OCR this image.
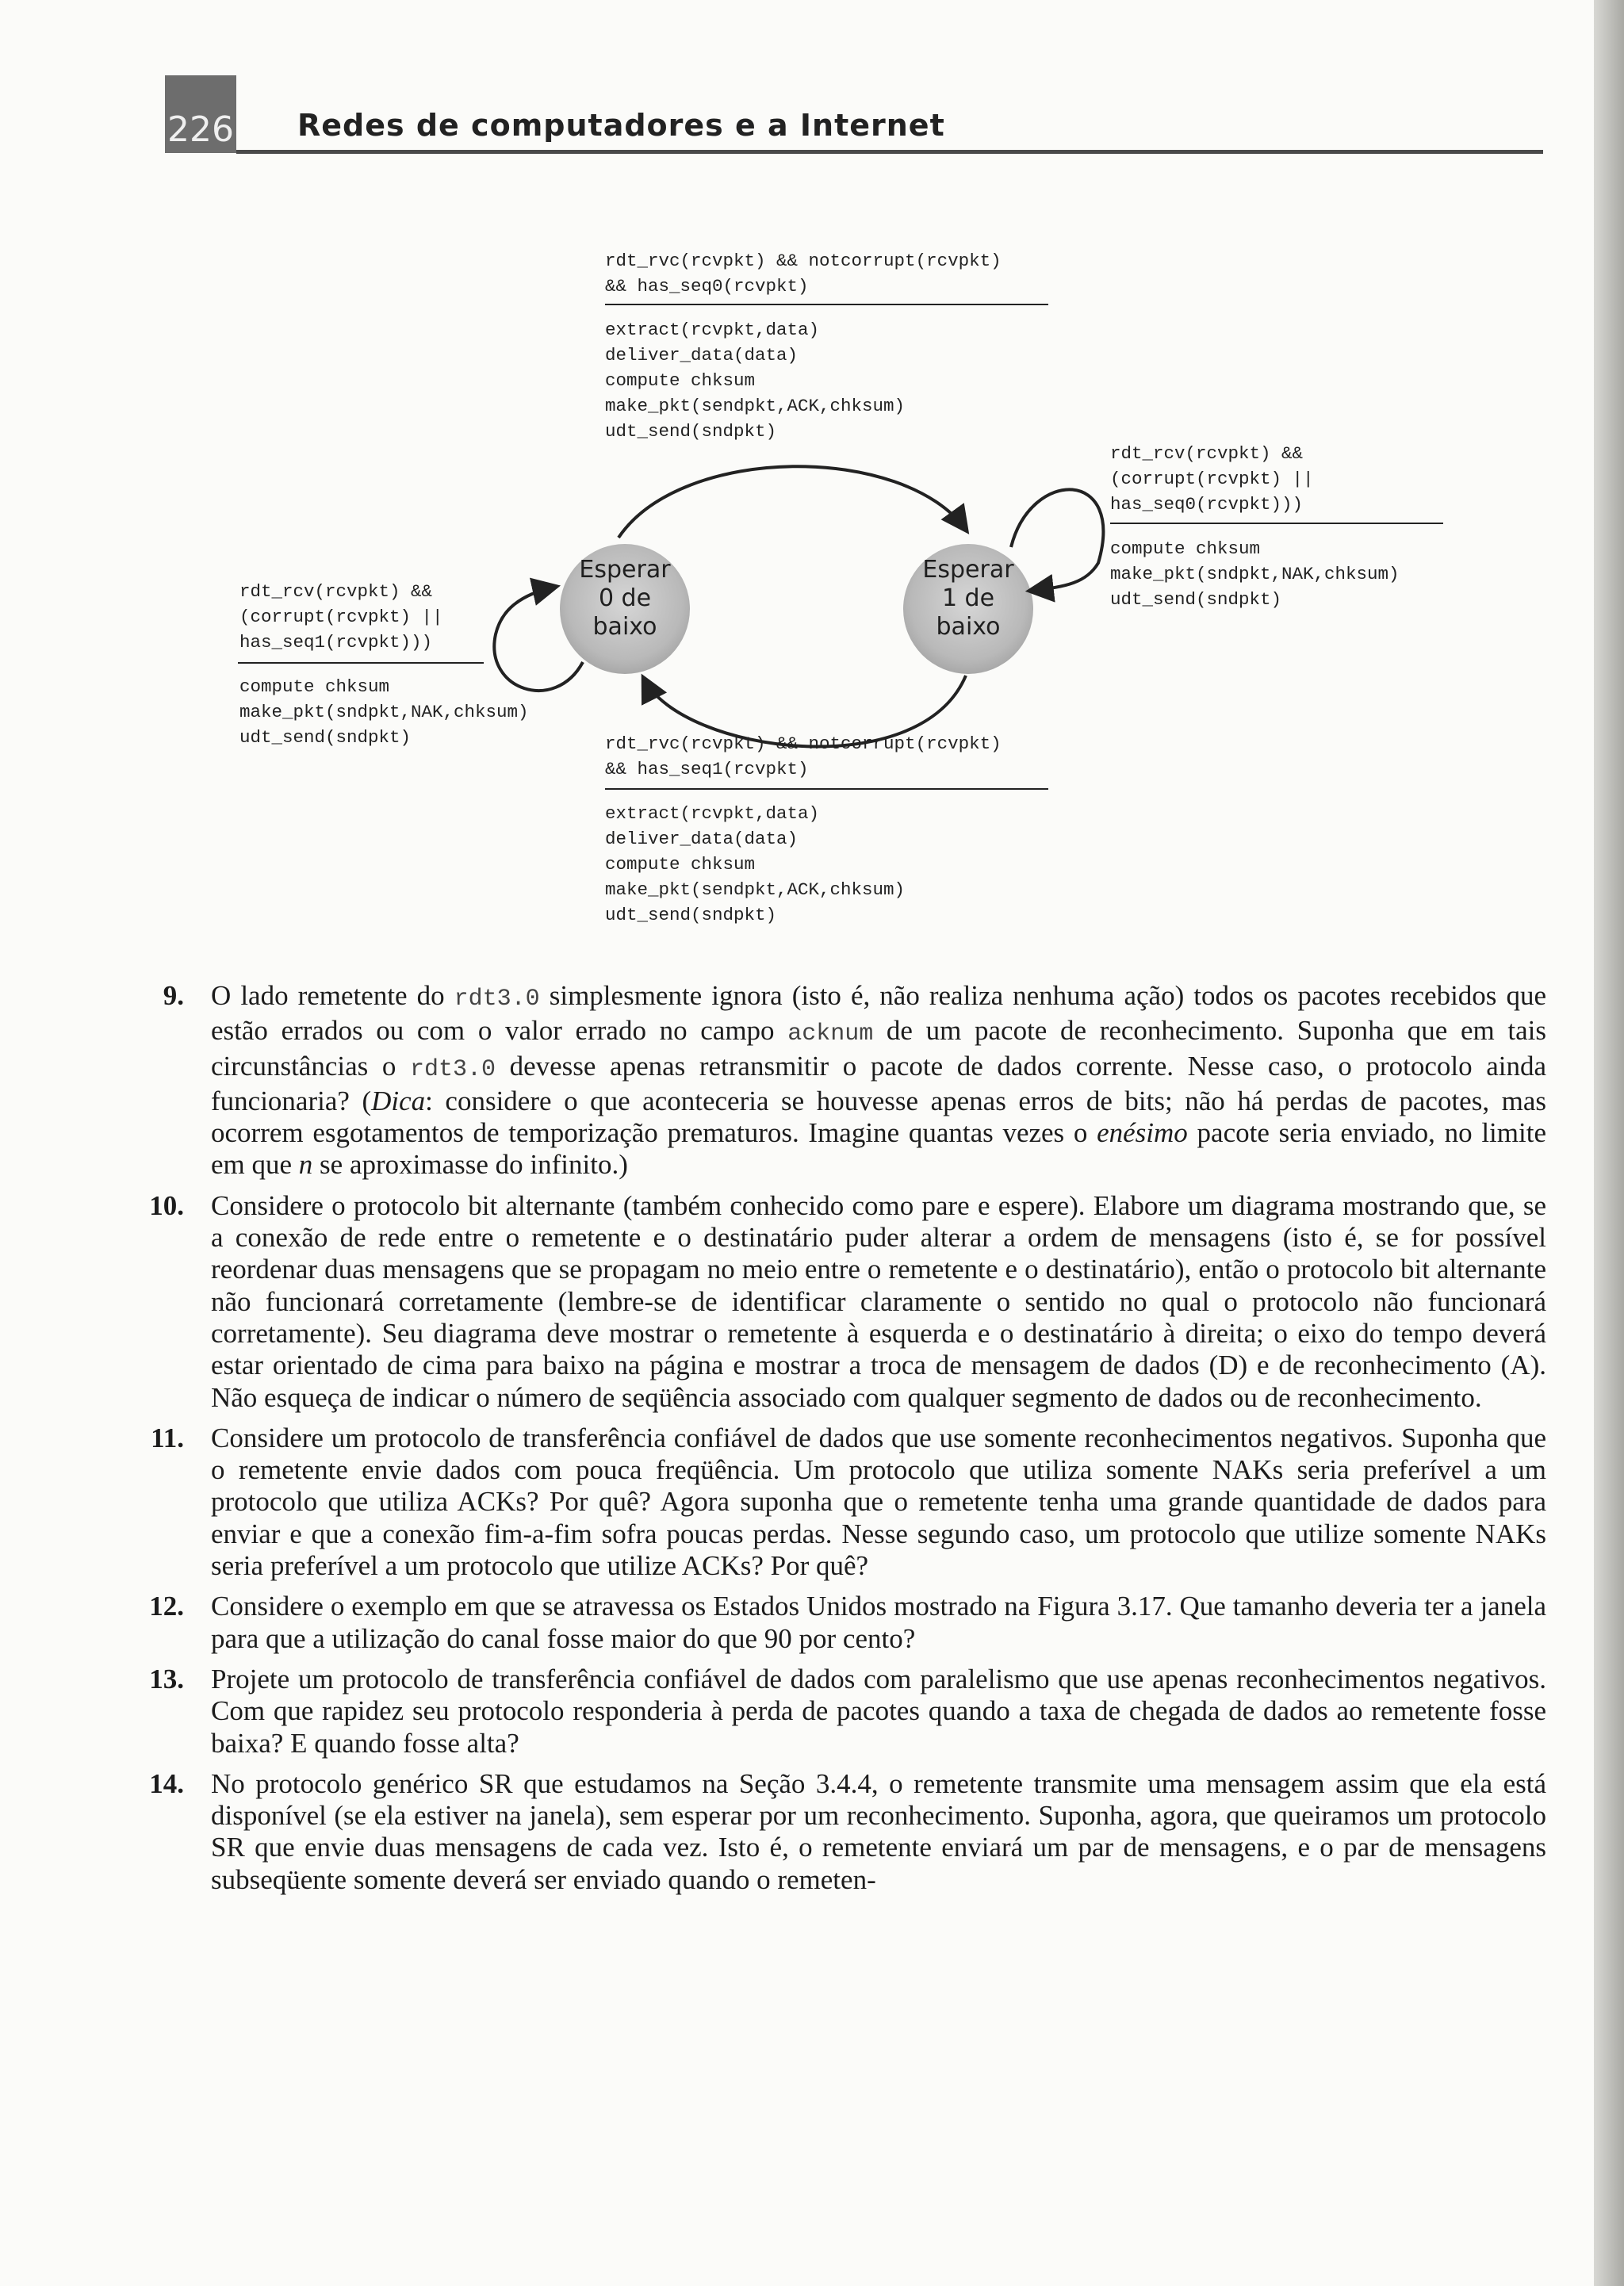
226 Redes de computadores e a Internet
Esperar
0 de
baixo
Esperar
1 de
baixo
rdt_rvc(rcvpkt) && notcorrupt(rcvpkt)
&& has_seq0(rcvpkt)
extract(rcvpkt,data)
deliver_data(data)
compute chksum
make_pkt(sendpkt,ACK,chksum)
udt_send(sndpkt)
rdt_rcv(rcvpkt) &&
(corrupt(rcvpkt) ||
has_seq0(rcvpkt)))
compute chksum
make_pkt(sndpkt,NAK,chksum)
udt_send(sndpkt)
rdt_rcv(rcvpkt) &&
(corrupt(rcvpkt) ||
has_seq1(rcvpkt)))
compute chksum
make_pkt(sndpkt,NAK,chksum)
udt_send(sndpkt)	rdt_rvc(rcvpkt) && notcorrupt(rcvpkt)
&& has_seq1(rcvpkt)
extract(rcvpkt,data)
deliver_data(data)
compute chksum
make_pkt(sendpkt,ACK,chksum)
udt_send(sndpkt)
9. O lado remetente do rdt3.0 simplesmente ignora (isto é, não realiza nenhuma ação) todos os pacotes recebidos que estão errados ou com o valor errado no campo acknum de um pacote de reconhecimento. Suponha que em tais circunstâncias o rdt3.0 devesse apenas retransmitir o pacote de dados corrente. Nesse caso, o protocolo ainda funcionaria? (Dica: considere o que aconteceria se houvesse apenas erros de bits; não há perdas de pacotes, mas ocorrem esgotamentos de temporização prematuros. Imagine quantas vezes o enésimo pacote seria enviado, no limite em que n se aproximasse do infinito.)
10. Considere o protocolo bit alternante (também conhecido como pare e espere). Elabore um diagrama mostrando que, se a conexão de rede entre o remetente e o destinatário puder alterar a ordem de mensagens (isto é, se for possível reordenar duas mensagens que se propagam no meio entre o remetente e o destinatário), então o protocolo bit alternante não funcionará corretamente (lembre-se de identificar claramente o sentido no qual o protocolo não funcionará corretamente). Seu diagrama deve mostrar o remetente à esquerda e o destinatário à direita; o eixo do tempo deverá estar orientado de cima para baixo na página e mostrar a troca de mensagem de dados (D) e de reconhecimento (A). Não esqueça de indicar o número de seqüência associado com qualquer segmento de dados ou de reconhecimento.
11. Considere um protocolo de transferência confiável de dados que use somente reconhecimentos negativos. Suponha que o remetente envie dados com pouca freqüência. Um protocolo que utiliza somente NAKs seria preferível a um protocolo que utiliza ACKs? Por quê? Agora suponha que o remetente tenha uma grande quantidade de dados para enviar e que a conexão fim-a-fim sofra poucas perdas. Nesse segundo caso, um protocolo que utilize somente NAKs seria preferível a um protocolo que utilize ACKs? Por quê?
12. Considere o exemplo em que se atravessa os Estados Unidos mostrado na Figura 3.17. Que tamanho deveria ter a janela para que a utilização do canal fosse maior do que 90 por cento?
13. Projete um protocolo de transferência confiável de dados com paralelismo que use apenas reconhecimentos negativos. Com que rapidez seu protocolo responderia à perda de pacotes quando a taxa de chegada de dados ao remetente fosse baixa? E quando fosse alta?
14. No protocolo genérico SR que estudamos na Seção 3.4.4, o remetente transmite uma mensagem assim que ela está disponível (se ela estiver na janela), sem esperar por um reconhecimento. Suponha, agora, que queiramos um protocolo SR que envie duas mensagens de cada vez. Isto é, o remetente enviará um par de mensagens, e o par de mensagens subseqüente somente deverá ser enviado quando o remeten-
